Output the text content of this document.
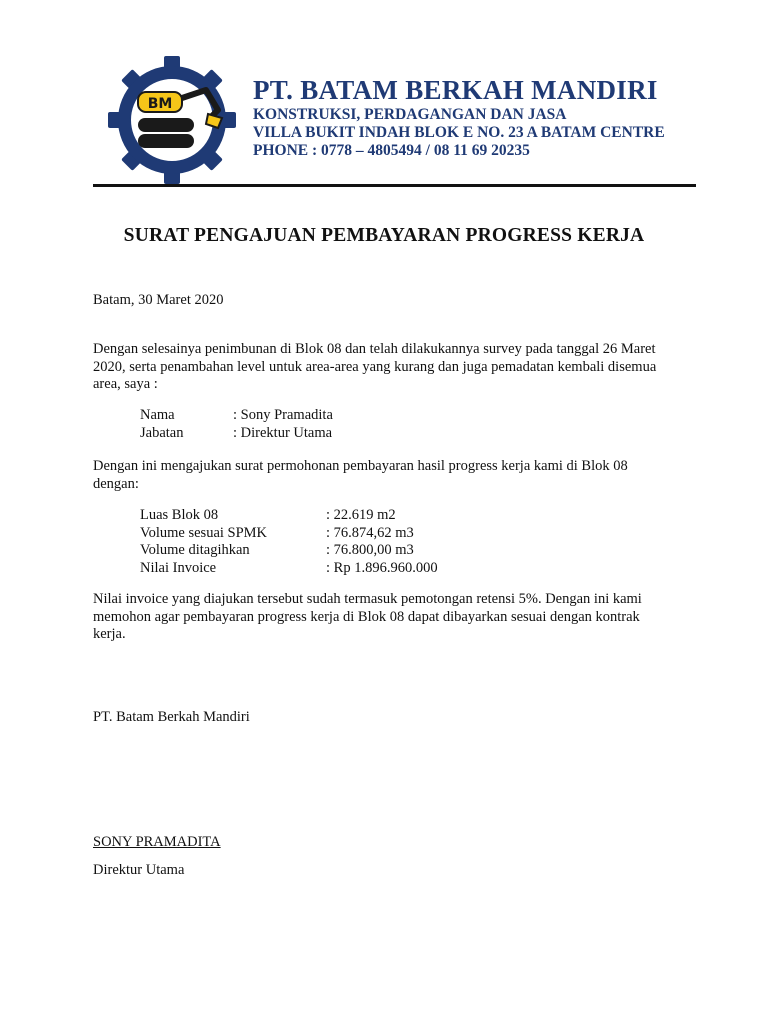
BM	PT. BATAM BERKAH MANDIRI
KONSTRUKSI, PERDAGANGAN DAN JASA
VILLA BUKIT INDAH BLOK E NO. 23 A BATAM CENTRE
PHONE : 0778 – 4805494 / 08 11 69 20235
SURAT PENGAJUAN PEMBAYARAN PROGRESS KERJA
Batam, 30 Maret 2020
Dengan selesainya penimbunan di Blok 08 dan telah dilakukannya survey pada tanggal 26 Maret 2020, serta penambahan level untuk area-area yang kurang dan juga pemadatan kembali disemua area, saya :
Nama	: Sony Pramadita
Jabatan	: Direktur Utama
Dengan ini mengajukan surat permohonan pembayaran hasil progress kerja kami di Blok 08 dengan:
Luas Blok 08	: 22.619 m2
Volume sesuai SPMK	: 76.874,62 m3
Volume ditagihkan	: 76.800,00 m3
Nilai Invoice	: Rp 1.896.960.000
Nilai invoice yang diajukan tersebut sudah termasuk pemotongan retensi 5%. Dengan ini kami memohon agar pembayaran progress kerja di Blok 08 dapat dibayarkan sesuai dengan kontrak kerja.
PT. Batam Berkah Mandiri
SONY PRAMADITA
Direktur Utama
